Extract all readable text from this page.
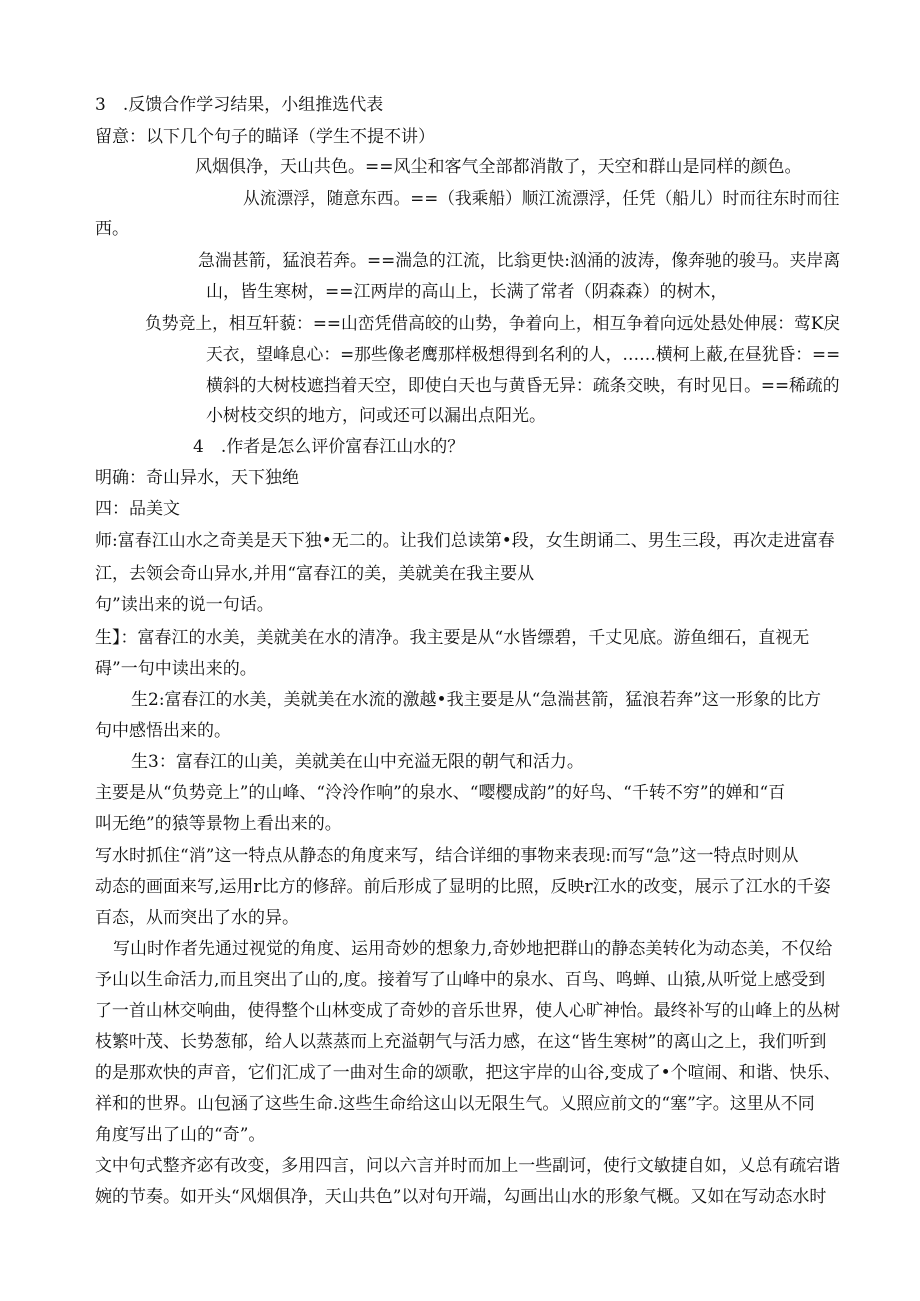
3　.反馈合作学习结果，小组推选代表
留意：以下几个句子的瞄译（学生不提不讲）
风烟俱净，天山共色。==风尘和客气全部都消散了，天空和群山是同样的颜色。
从流漂浮，随意东西。==（我乘船）顺江流漂浮，任凭（船儿）时而往东时而往
西。
急湍甚箭，猛浪若奔。==湍急的江流，比翁更快:汹涌的波涛，像奔驰的骏马。夹岸离
山，皆生寒树，==江两岸的高山上，长满了常者（阴森森）的树木，
负势竞上，相互轩藐：==山峦凭借高皎的山势，争着向上，相互争着向远处悬处伸展：莺K戾
天衣，望峰息心：=那些像老鹰那样极想得到名利的人，……横柯上蔽,在昼犹昏：==
横斜的大树枝遮挡着天空，即使白天也与黄昏无异：疏条交映，有时见日。==稀疏的
小树枝交织的地方，问或还可以漏出点阳光。
4　.作者是怎么评价富春江山水的？
明确：奇山异水，天下独绝
四：品美文
师:富春江山水之奇美是天下独•无二的。让我们总读第•段，女生朗诵二、男生三段，再次走进富春
江，去领会奇山异水,并用“富春江的美，美就美在我主要从
句”读出来的说一句话。
生】：富春江的水美，美就美在水的清净。我主要是从“水皆缥碧，千丈见底。游鱼细石，直视无
碍”一句中读出来的。
生2:富春江的水美，美就美在水流的激越•我主要是从“急湍甚箭，猛浪若奔”这一形象的比方
句中感悟出来的。
生3：富春江的山美，美就美在山中充溢无限的朝气和活力。
主要是从“负势竞上”的山峰、“泠泠作响”的泉水、“嘤樱成韵”的好鸟、“千转不穷”的婵和“百
叫无绝”的猿等景物上看出来的。
写水时抓住“消”这一特点从静态的角度来写，结合详细的事物来表现:而写“急”这一特点时则从
动态的画面来写,运用r比方的修辞。前后形成了显明的比照，反映r江水的改变，展示了江水的千姿
百态，从而突出了水的异。
写山时作者先通过视觉的角度、运用奇妙的想象力,奇妙地把群山的静态美转化为动态美，不仅给
予山以生命活力,而且突出了山的,度。接着写了山峰中的泉水、百鸟、鸣蝉、山猿,从听觉上感受到
了一首山林交响曲，使得整个山林变成了奇妙的音乐世界，使人心旷神怡。最终补写的山峰上的丛树
枝繁叶茂、长势葱郁，给人以蒸蒸而上充溢朝气与活力感，在这“皆生寒树”的离山之上，我们听到
的是那欢快的声音，它们汇成了一曲对生命的颂歌，把这宇岸的山谷,变成了•个喧闹、和谐、快乐、
祥和的世界。山包涵了这些生命.这些生命给这山以无限生气。乂照应前文的“塞”字。这里从不同
角度写出了山的“奇”。
文中句式整齐宓有改变，多用四言，问以六言并时而加上一些副诃，使行文敏捷自如，乂总有疏宕谐
婉的节奏。如开头“风烟俱净，天山共色”以对句开端，勾画出山水的形象气概。又如在写动态水时
